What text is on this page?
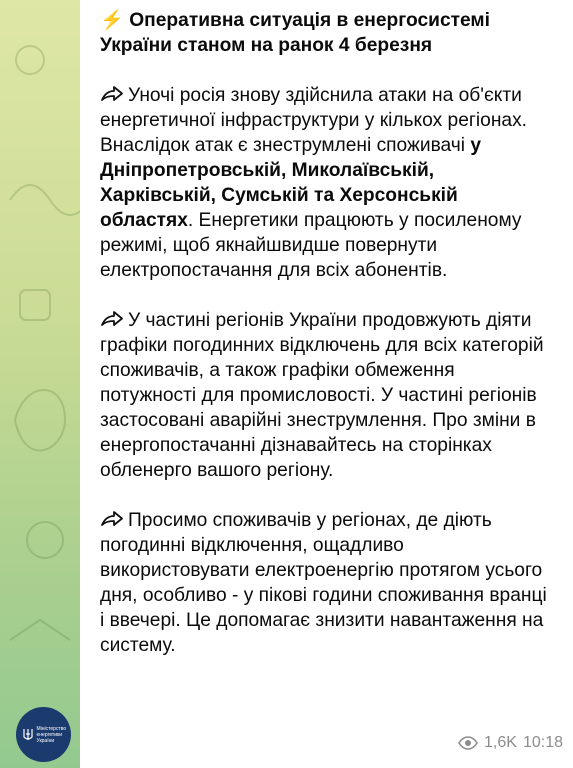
⚡ Оперативна ситуація в енергосистемі України станом на ранок 4 березня

Уночі росія знову здійснила атаки на об'єкти енергетичної інфраструктури у кількох регіонах. Внаслідок атак є знеструмлені споживачі у Дніпропетровській, Миколаївській, Харківській, Сумській та Херсонській областях. Енергетики працюють у посиленому режимі, щоб якнайшвидше повернути електропостачання для всіх абонентів.

У частині регіонів України продовжують діяти графіки погодинних відключень для всіх категорій споживачів, а також графіки обмеження потужності для промисловості. У частині регіонів застосовані аварійні знеструмлення. Про зміни в енергопостачанні дізнавайтесь на сторінках обленерго вашого регіону.

Просимо споживачів у регіонах, де діють погодинні відключення, ощадливо використовувати електроенергію протягом усього дня, особливо - у пікові години споживання вранці і ввечері. Це допомагає знизити навантаження на систему.

1,6K 10:18
Міністерство енергетики України
